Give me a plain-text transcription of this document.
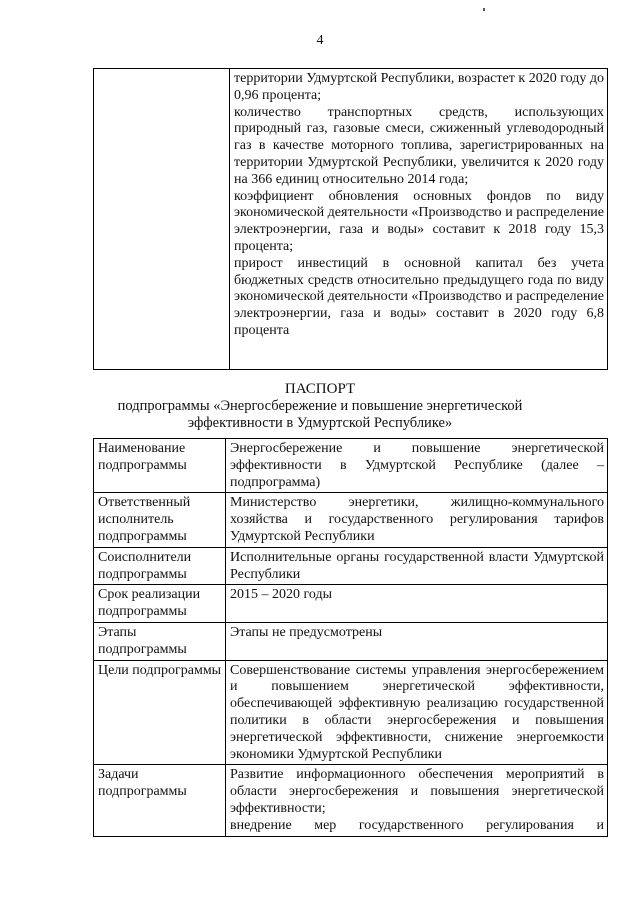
4

территории Удмуртской Республики, возрастет к 2020 году до 0,96 процента;
количество транспортных средств, использующих природный газ, газовые смеси, сжиженный углеводородный газ в качестве моторного топлива, зарегистрированных на территории Удмуртской Республики, увеличится к 2020 году на 366 единиц относительно 2014 года;
коэффициент обновления основных фондов по виду экономической деятельности «Производство и распределение электроэнергии, газа и воды» составит к 2018 году 15,3 процента;
прирост инвестиций в основной капитал без учета бюджетных средств относительно предыдущего года по виду экономической деятельности «Производство и распределение электроэнергии, газа и воды» составит в 2020 году 6,8 процента
ПАСПОРТ
подпрограммы «Энергосбережение и повышение энергетической
эффективности в Удмуртской Республике»
Наименование подпрограммы	Энергосбережение и повышение энергетической эффективности в Удмуртской Республике (далее – подпрограмма)
Ответственный исполнитель подпрограммы	Министерство энергетики, жилищно-коммунального хозяйства и государственного регулирования тарифов Удмуртской Республики
Соисполнители подпрограммы	Исполнительные органы государственной власти Удмуртской Республики
Срок реализации подпрограммы	2015 – 2020 годы
Этапы подпрограммы	Этапы не предусмотрены
Цели подпрограммы	Совершенствование системы управления энергосбережением и повышением энергетической эффективности, обеспечивающей эффективную реализацию государственной политики в области энергосбережения и повышения энергетической эффективности, снижение энергоемкости экономики Удмуртской Республики
Задачи подпрограммы	Развитие информационного обеспечения мероприятий в области энергосбережения и повышения энергетической эффективности;
внедрение мер государственного регулирования и
